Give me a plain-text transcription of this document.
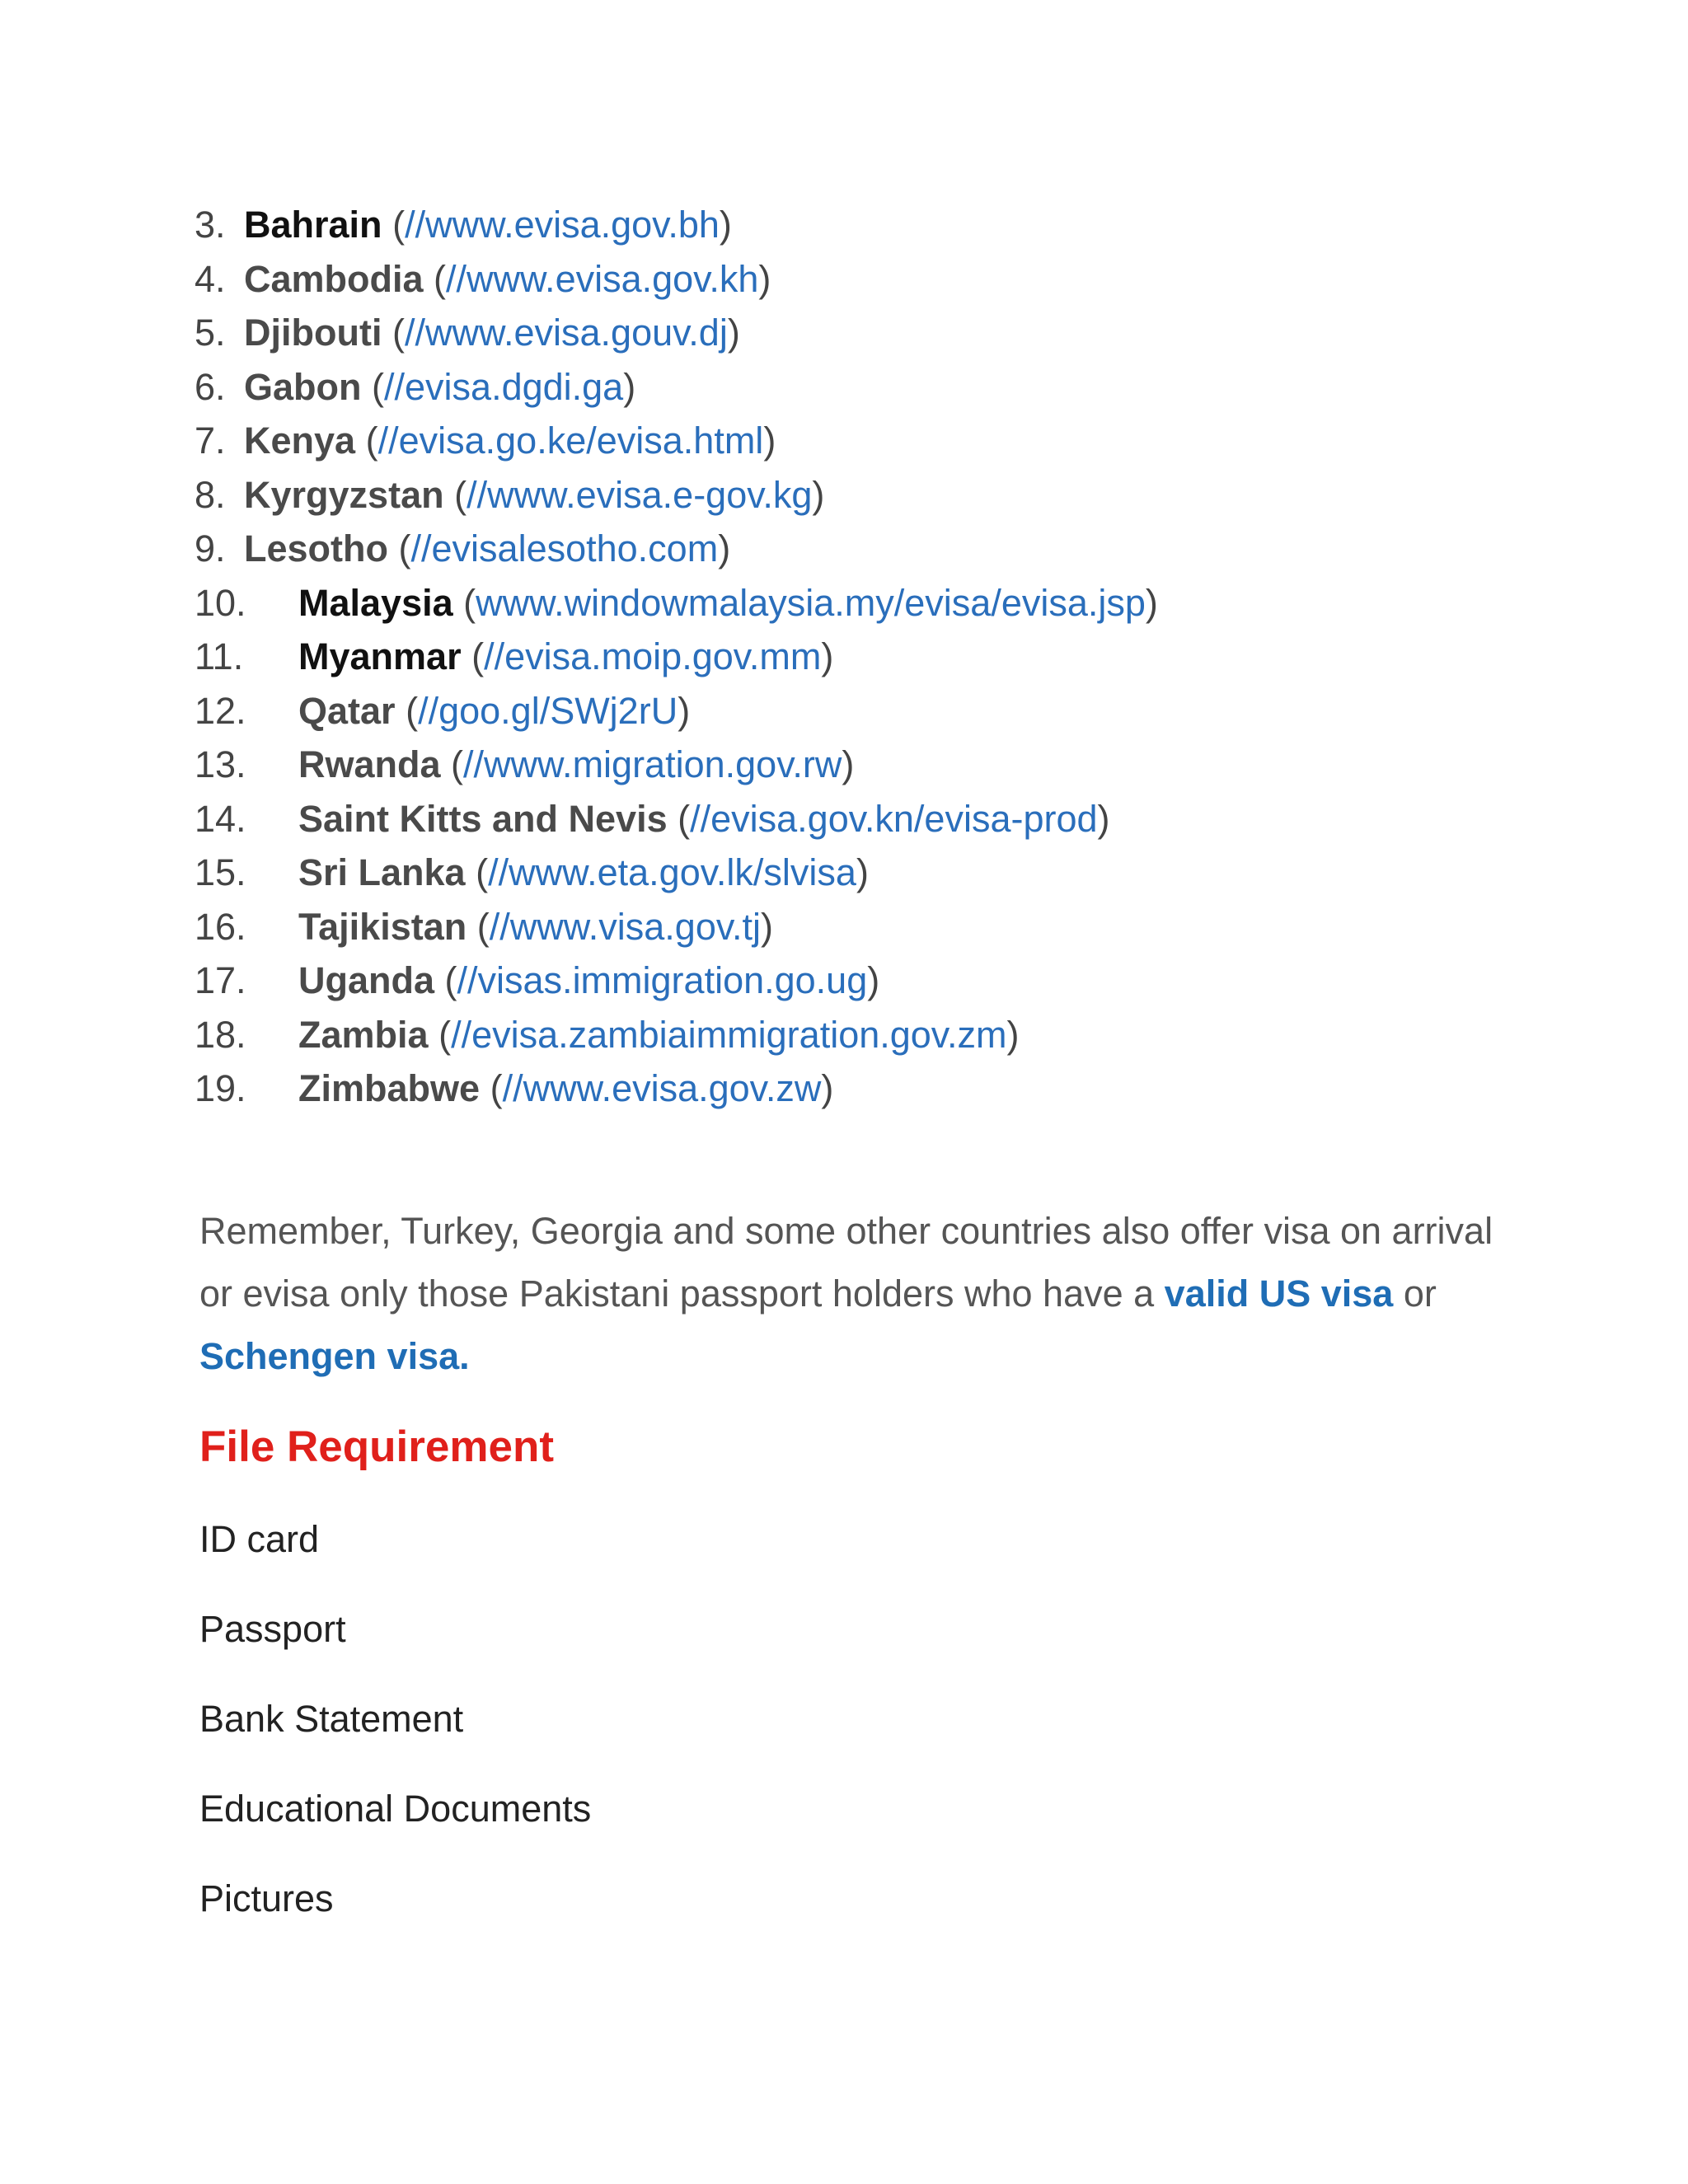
3. Bahrain (//www.evisa.gov.bh)
4. Cambodia (//www.evisa.gov.kh)
5. Djibouti (//www.evisa.gouv.dj)
6. Gabon (//evisa.dgdi.ga)
7. Kenya (//evisa.go.ke/evisa.html)
8. Kyrgyzstan (//www.evisa.e-gov.kg)
9. Lesotho (//evisalesotho.com)
10. Malaysia (www.windowmalaysia.my/evisa/evisa.jsp)
11. Myanmar (//evisa.moip.gov.mm)
12. Qatar (//goo.gl/SWj2rU)
13. Rwanda (//www.migration.gov.rw)
14. Saint Kitts and Nevis (//evisa.gov.kn/evisa-prod)
15. Sri Lanka (//www.eta.gov.lk/slvisa)
16. Tajikistan (//www.visa.gov.tj)
17. Uganda (//visas.immigration.go.ug)
18. Zambia (//evisa.zambiaimmigration.gov.zm)
19. Zimbabwe (//www.evisa.gov.zw)
Remember, Turkey, Georgia and some other countries also offer visa on arrival or evisa only those Pakistani passport holders who have a valid US visa or Schengen visa.
File Requirement
ID card
Passport
Bank Statement
Educational Documents
Pictures
